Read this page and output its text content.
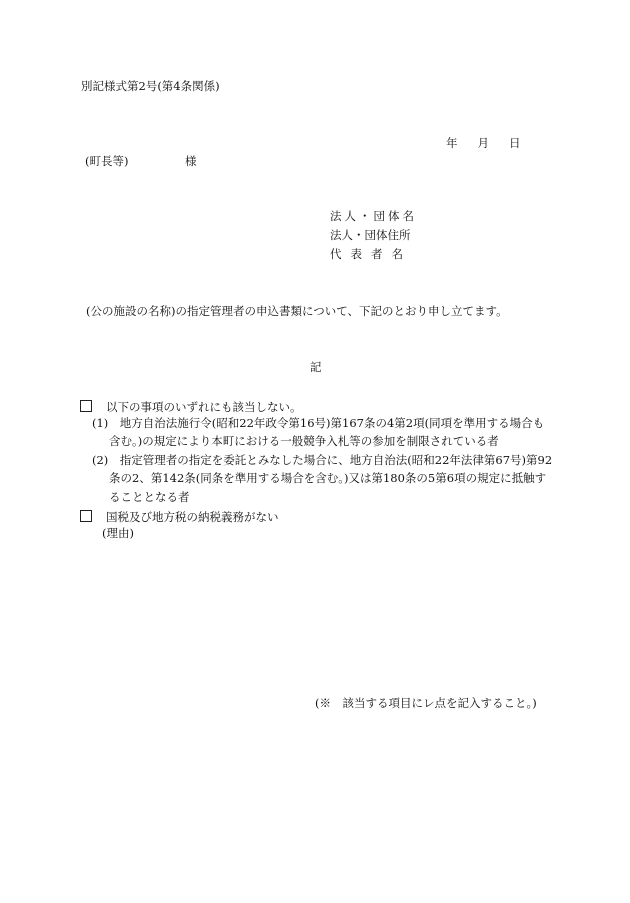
別記様式第2号(第4条関係)
年 月 日
(町長等)	様
法人・団体名
法人・団体住所
代表者名
(公の施設の名称)の指定管理者の申込書類について、下記のとおり申し立てます。
記
以下の事項のいずれにも該当しない。
(1)　地方自治法施行令(昭和22年政令第16号)第167条の4第2項(同項を準用する場合も
含む。)の規定により本町における一般競争入札等の参加を制限されている者
(2)　指定管理者の指定を委託とみなした場合に、地方自治法(昭和22年法律第67号)第92
条の2、第142条(同条を準用する場合を含む。)又は第180条の5第6項の規定に抵触す
ることとなる者
国税及び地方税の納税義務がない
(理由)
(※　該当する項目にレ点を記入すること。)
